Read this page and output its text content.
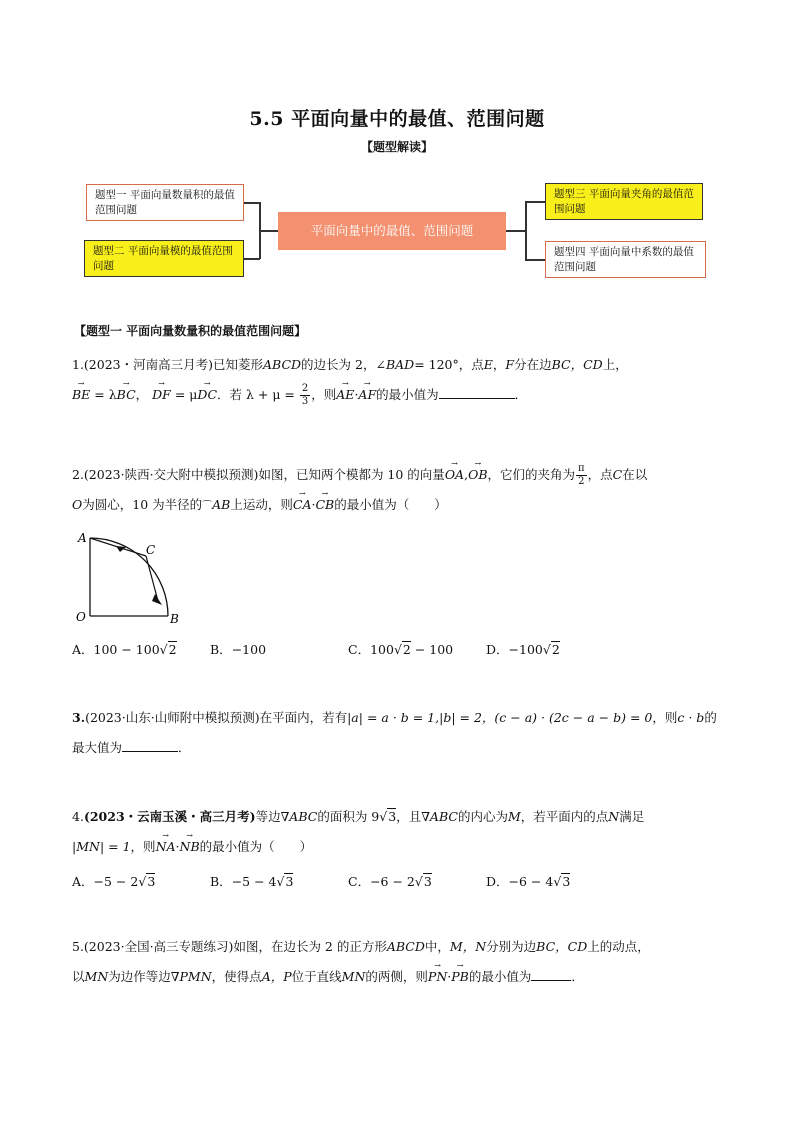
5.5 平面向量中的最值、范围问题
【题型解读】
题型一 平面向量数量积的最值范围问题
题型二 平面向量模的最值范围问题
平面向量中的最值、范围问题
题型三 平面向量夹角的最值范围问题
题型四 平面向量中系数的最值范围问题
【题型一 平面向量数量积的最值范围问题】
1.(2023・河南高三月考)已知菱形ABCD的边长为 2，∠BAD= 120°，点E，F分在边BC，CD上，
→ BE = λ→ BC， → DF = μ→ DC．若 $\lambda + \mu = \frac{2}{3}$ ，则→ AE·→ AF的最小值为	．
2.(2023·陕西·交大附中模拟预测)如图，已知两个模都为 10 的向量→ OA,→ OB，它们的夹角为 $\frac{\pi}{2}$ ，点C在以
O为圆心，10 为半径的⌒AB上运动，则→ CA·→ CB的最小值为（　　）
A
C
O	B
A．100 − 100√2	B．−100	C．100√2 − 100	D．−100√2
3.(2023·山东·山师附中模拟预测)在平面内，若有|a| = a · b = 1,|b| = 2，(c − a) · (2c − a − b) = 0，则c · b的
最大值为	．
4.(2023・云南玉溪・高三月考)等边∇ABC的面积为 9√3，且∇ABC的内心为M，若平面内的点N满足
|MN| = 1，则→ NA·→ NB的最小值为（　　）
A．−5 − 2√3	B．−5 − 4√3	C．−6 − 2√3	D．−6 − 4√3
5.(2023·全国·高三专题练习)如图，在边长为 2 的正方形ABCD中，M，N分别为边BC，CD上的动点，
以MN为边作等边∇PMN，使得点A，P位于直线MN的两侧，则→ PN·→ PB的最小值为	．
